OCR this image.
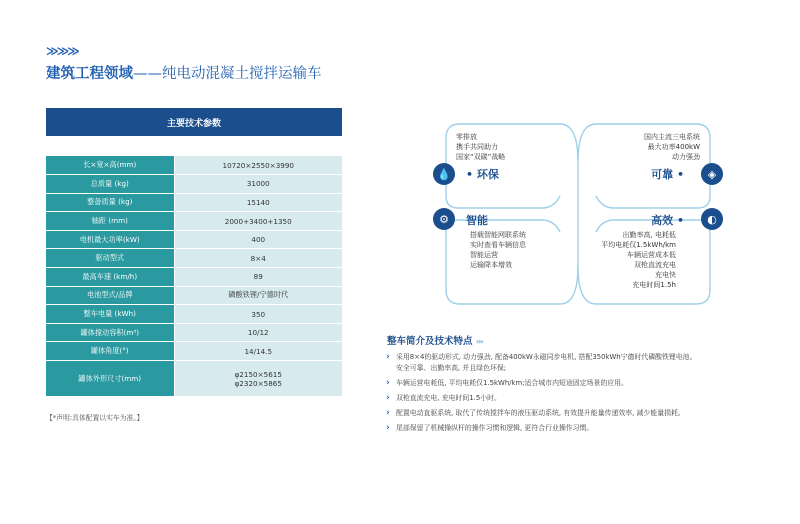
≫≫≫
建筑工程领域——纯电动混凝土搅拌运输车
主要技术参数
长×宽×高(mm)	10720×2550×3990
总质量 (kg)	31000
整备质量 (kg)	15140
轴距 (mm)	2000+3400+1350
电机最大功率(kW)	400
驱动型式	8×4
最高车速 (km/h)	89
电池型式/品牌	磷酸铁锂/宁德时代
整车电量 (kWh)	350
罐体搅动容积(m³)	10/12
罐体角度(°)	14/14.5
罐体外形尺寸(mm)	φ2150×5615
φ2320×5865
【*声明:具体配置以实车为准。】
零排放
携手共同助力
国家“双碳”战略
💧	• 环保
国内主流三电系统
最大功率400kW
动力强劲
可靠 •	◈
⚙	智能
搭载智能网联系统
实时查看车辆信息
智能运营
运输降本增效
高效 •	◐
出勤率高, 电耗低
平均电耗仅1.5kWh/km
车辆运营成本低
双枪直流充电
充电快
充电时间1.5h
整车简介及技术特点 ›››
› 采用8×4的驱动形式, 动力强劲, 配备400kW永磁同步电机, 搭配350kWh宁德时代磷酸铁锂电池。
安全可靠、出勤率高, 并且绿色环保;
› 车辆运营电耗低, 平均电耗仅1.5kWh/km;适合城市内短途固定场景的应用。
› 双枪直流充电, 充电时间1.5小时。
› 配置电动直驱系统, 取代了传统搅拌车的液压驱动系统, 有效提升能量传递效率, 减少能量损耗。
› 尾部保留了机械操纵杆的操作习惯和逻辑, 更符合行业操作习惯。
